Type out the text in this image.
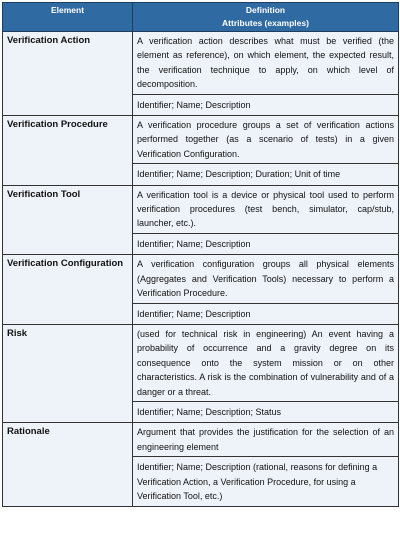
Element	Definition
Attributes (examples)

Verification Action	A verification action describes what must be verified (the element as reference), on which element, the expected result, the verification technique to apply, on which level of decomposition.
	Identifier; Name; Description
Verification Procedure	A verification procedure groups a set of verification actions performed together (as a scenario of tests) in a given Verification Configuration.
	Identifier; Name; Description; Duration; Unit of time
Verification Tool	A verification tool is a device or physical tool used to perform verification procedures (test bench, simulator, cap/stub, launcher, etc.).
	Identifier; Name; Description
Verification Configuration	A verification configuration groups all physical elements (Aggregates and Verification Tools) necessary to perform a Verification Procedure.
	Identifier; Name; Description
Risk	(used for technical risk in engineering) An event having a probability of occurrence and a gravity degree on its consequence onto the system mission or on other characteristics. A risk is the combination of vulnerability and of a danger or a threat.
	Identifier; Name; Description; Status
Rationale	Argument that provides the justification for the selection of an engineering element
	Identifier; Name; Description (rational, reasons for defining a Verification Action, a Verification Procedure, for using a Verification Tool, etc.)
